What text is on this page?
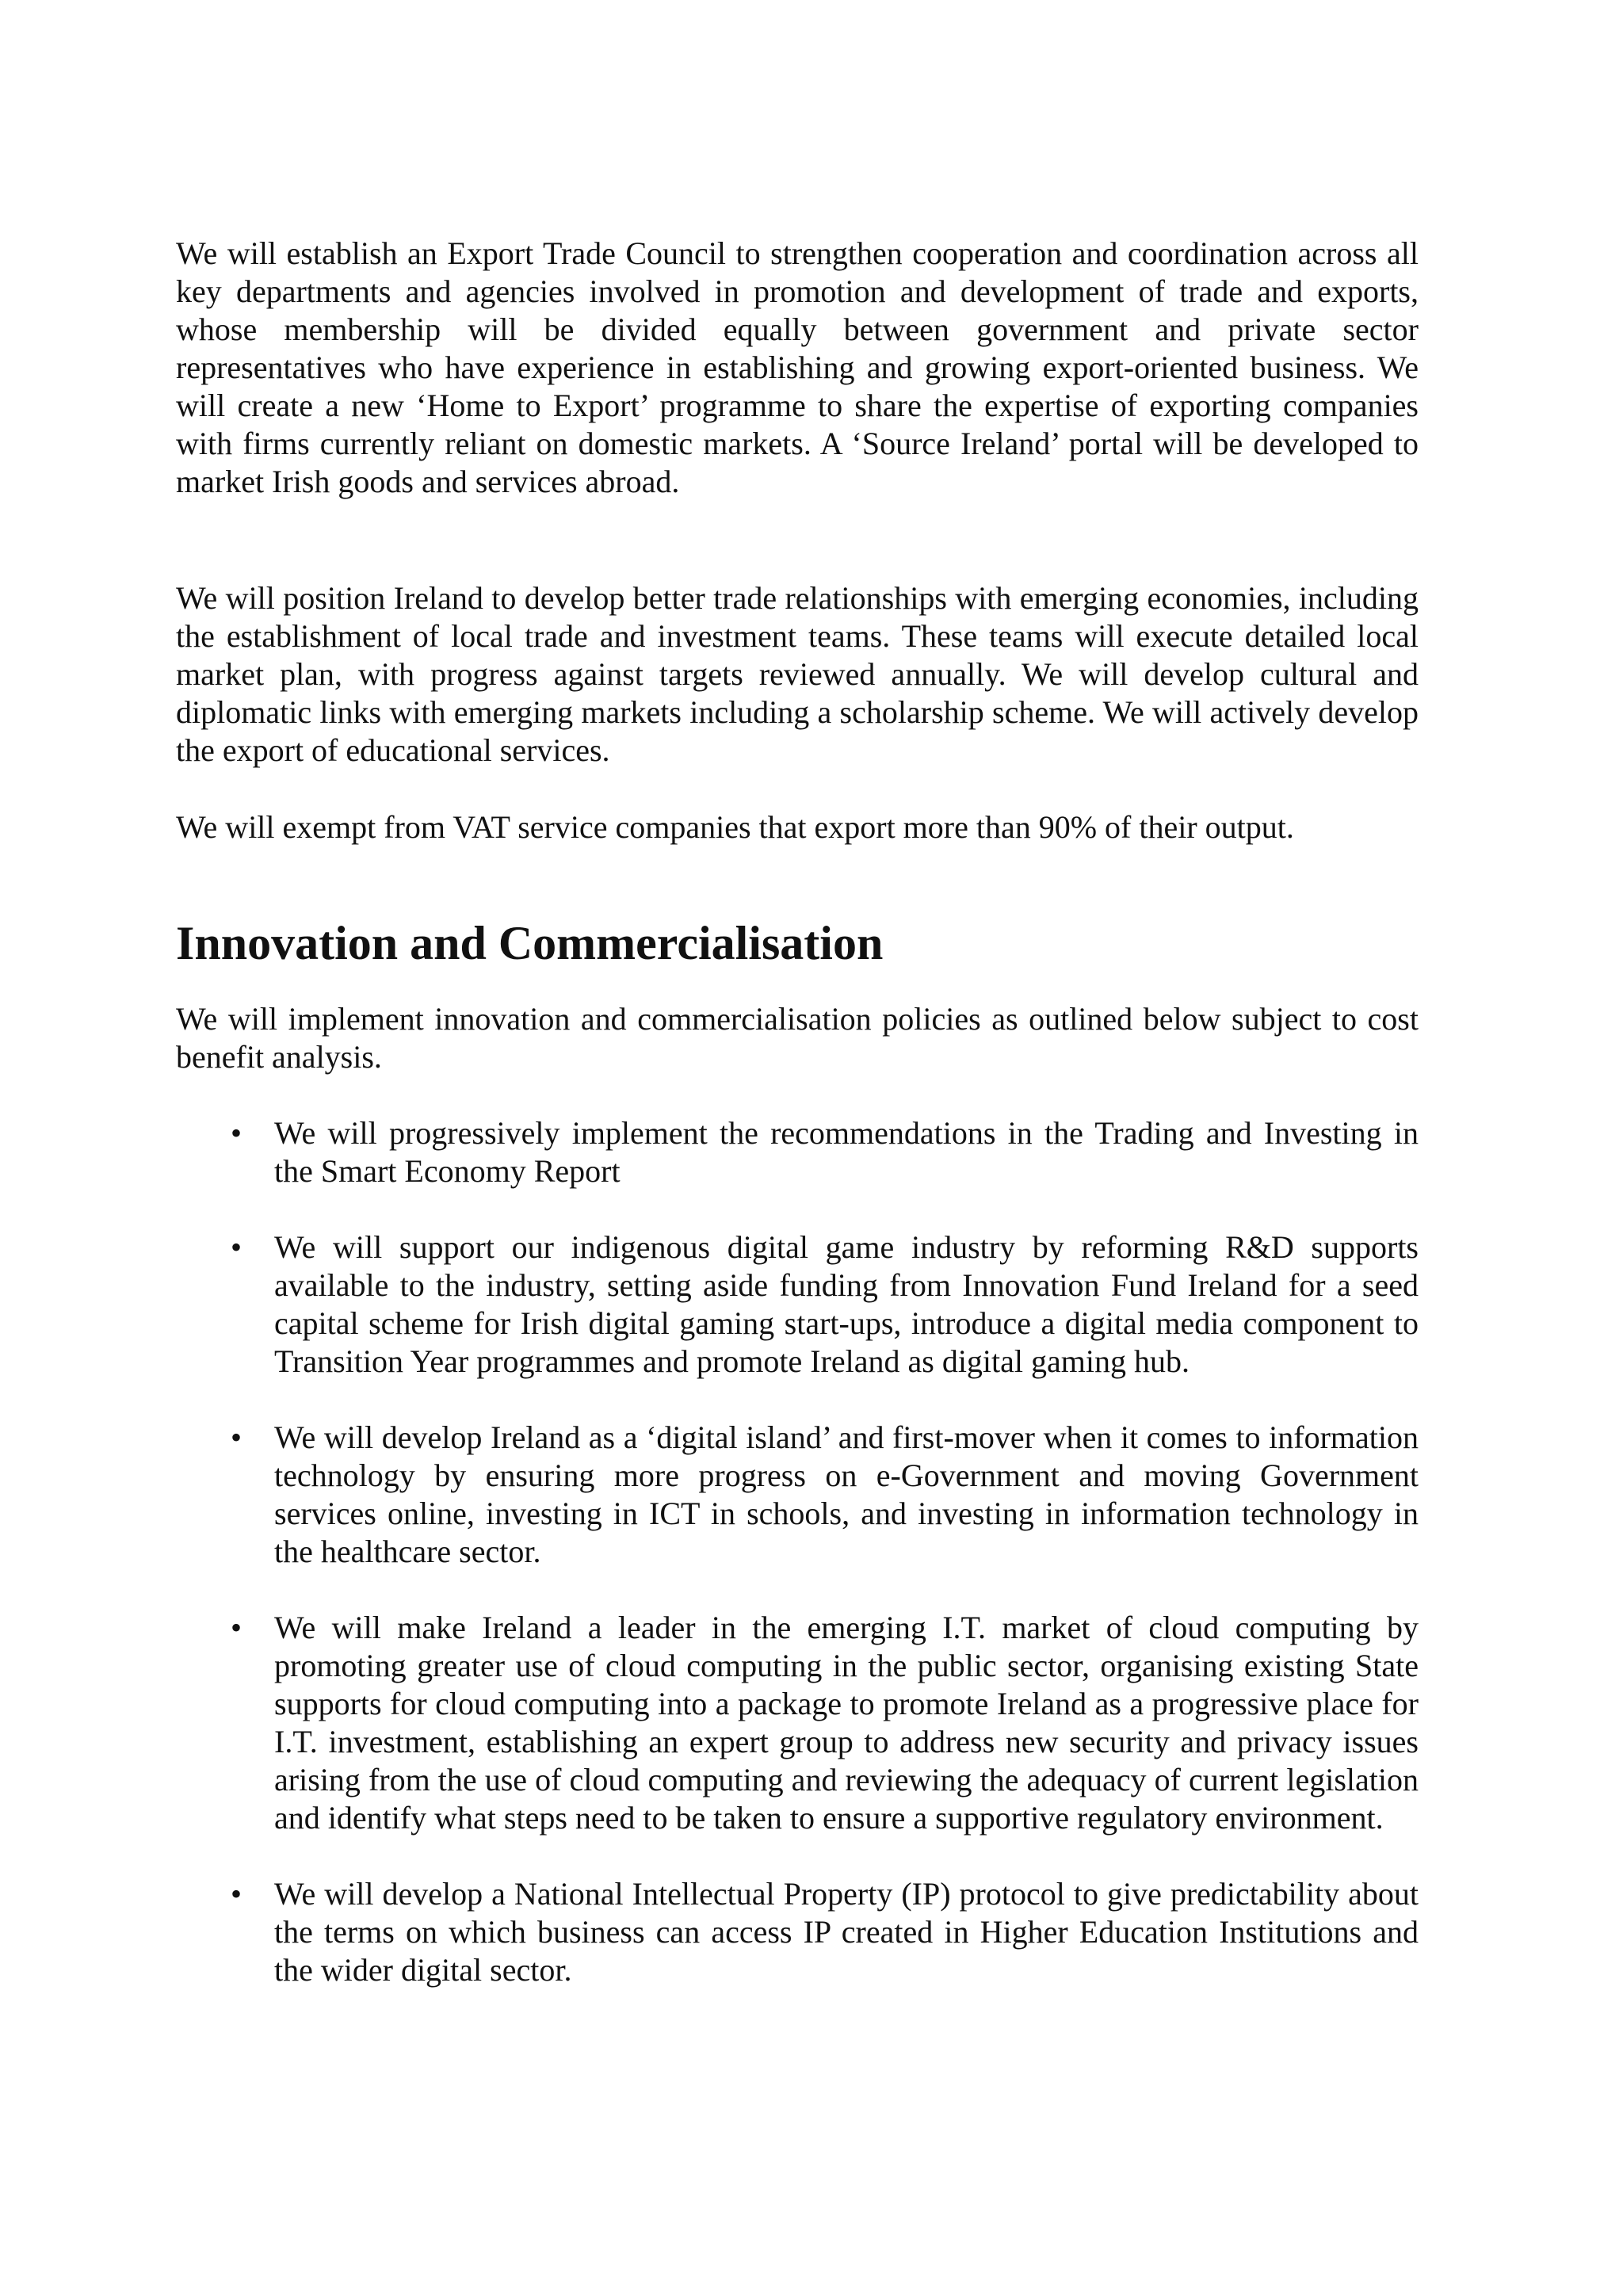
We will establish an Export Trade Council to strengthen cooperation and coordination across all key departments and agencies involved in promotion and development of trade and exports, whose membership will be divided equally between government and private sector representatives who have experience in establishing and growing export-oriented business. We will create a new ‘Home to Export’ programme to share the expertise of exporting companies with firms currently reliant on domestic markets. A ‘Source Ireland’ portal will be developed to market Irish goods and services abroad.

We will position Ireland to develop better trade relationships with emerging economies, including the establishment of local trade and investment teams. These teams will execute detailed local market plan, with progress against targets reviewed annually. We will develop cultural and diplomatic links with emerging markets including a scholarship scheme. We will actively develop the export of educational services.

We will exempt from VAT service companies that export more than 90% of their output.

Innovation and Commercialisation

We will implement innovation and commercialisation policies as outlined below subject to cost benefit analysis.

• We will progressively implement the recommendations in the Trading and Investing in the Smart Economy Report
• We will support our indigenous digital game industry by reforming R&D supports available to the industry, setting aside funding from Innovation Fund Ireland for a seed capital scheme for Irish digital gaming start-ups, introduce a digital media component to Transition Year programmes and promote Ireland as digital gaming hub.
• We will develop Ireland as a ‘digital island’ and first-mover when it comes to information technology by ensuring more progress on e-Government and moving Government services online, investing in ICT in schools, and investing in information technology in the healthcare sector.
• We will make Ireland a leader in the emerging I.T. market of cloud computing by promoting greater use of cloud computing in the public sector, organising existing State supports for cloud computing into a package to promote Ireland as a progressive place for I.T. investment, establishing an expert group to address new security and privacy issues arising from the use of cloud computing and reviewing the adequacy of current legislation and identify what steps need to be taken to ensure a supportive regulatory environment.
• We will develop a National Intellectual Property (IP) protocol to give predictability about the terms on which business can access IP created in Higher Education Institutions and the wider digital sector.
